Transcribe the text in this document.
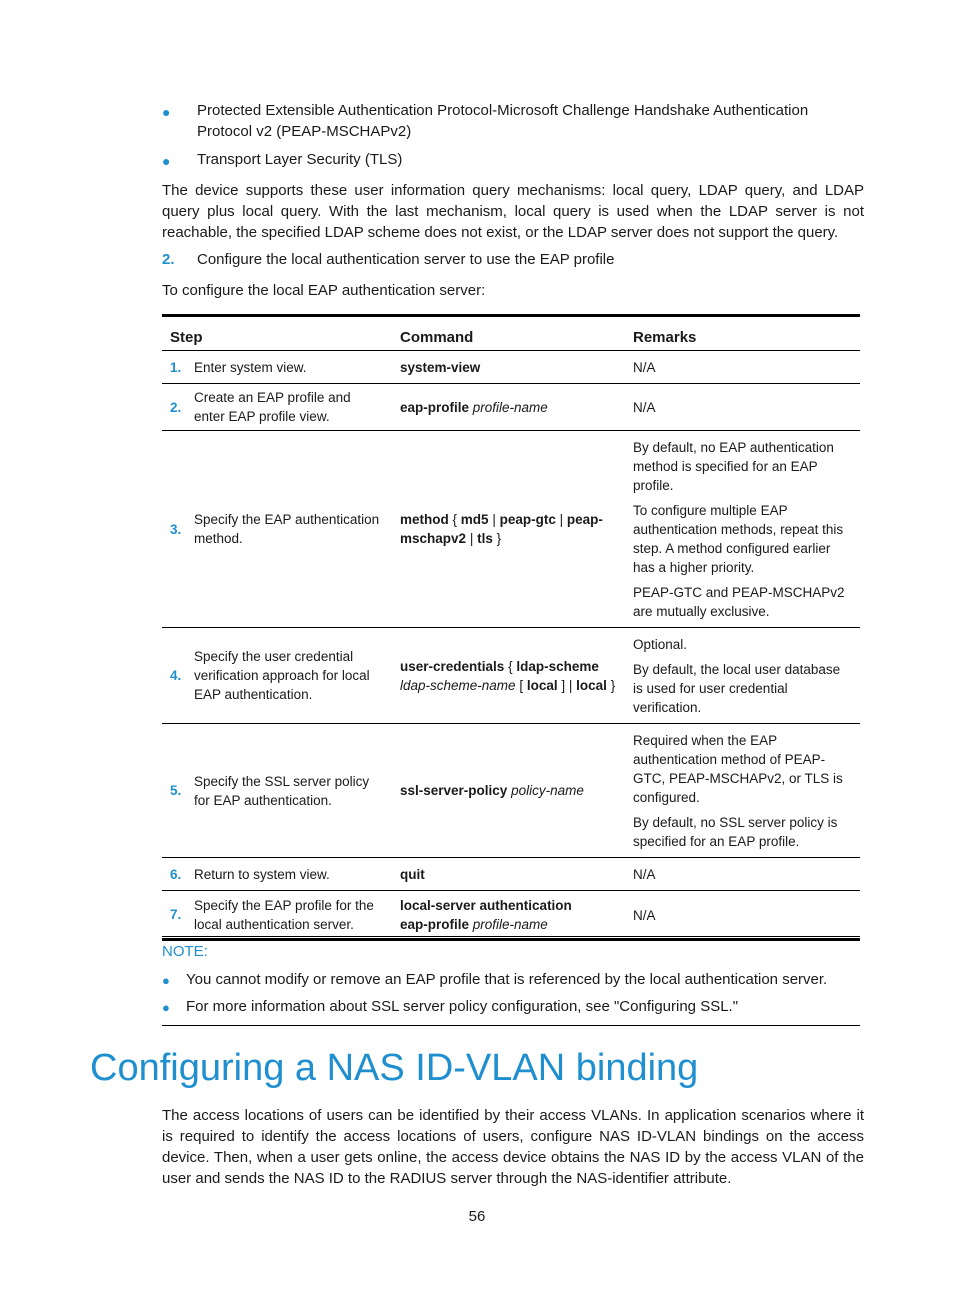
● Protected Extensible Authentication Protocol-Microsoft Challenge Handshake Authentication Protocol v2 (PEAP-MSCHAPv2)
● Transport Layer Security (TLS)

The device supports these user information query mechanisms: local query, LDAP query, and LDAP query plus local query. With the last mechanism, local query is used when the LDAP server is not reachable, the specified LDAP scheme does not exist, or the LDAP server does not support the query.

2. Configure the local authentication server to use the EAP profile

To configure the local EAP authentication server:

Step		Command	Remarks
1.	Enter system view.	system-view	N/A

2.	Create an EAP profile and enter EAP profile view.	eap-profile profile-name	N/A

3.	Specify the EAP authentication method.	method { md5 | peap-gtc | peap-mschapv2 | tls }	By default, no EAP authentication method is specified for an EAP profile.

To configure multiple EAP authentication methods, repeat this step. A method configured earlier has a higher priority.

PEAP-GTC and PEAP-MSCHAPv2 are mutually exclusive.

4.	Specify the user credential verification approach for local EAP authentication.	user-credentials { ldap-scheme ldap-scheme-name [ local ] | local }	Optional.

By default, the local user database is used for user credential verification.

5.	Specify the SSL server policy for EAP authentication.	ssl-server-policy policy-name	Required when the EAP authentication method of PEAP-GTC, PEAP-MSCHAPv2, or TLS is configured.

By default, no SSL server policy is specified for an EAP profile.

6.	Return to system view.	quit	N/A

7.	Specify the EAP profile for the local authentication server.	local-server authentication
eap-profile profile-name	N/A

NOTE:
● You cannot modify or remove an EAP profile that is referenced by the local authentication server.
● For more information about SSL server policy configuration, see "Configuring SSL."
Configuring a NAS ID-VLAN binding

The access locations of users can be identified by their access VLANs. In application scenarios where it is required to identify the access locations of users, configure NAS ID-VLAN bindings on the access device. Then, when a user gets online, the access device obtains the NAS ID by the access VLAN of the user and sends the NAS ID to the RADIUS server through the NAS-identifier attribute.

56
